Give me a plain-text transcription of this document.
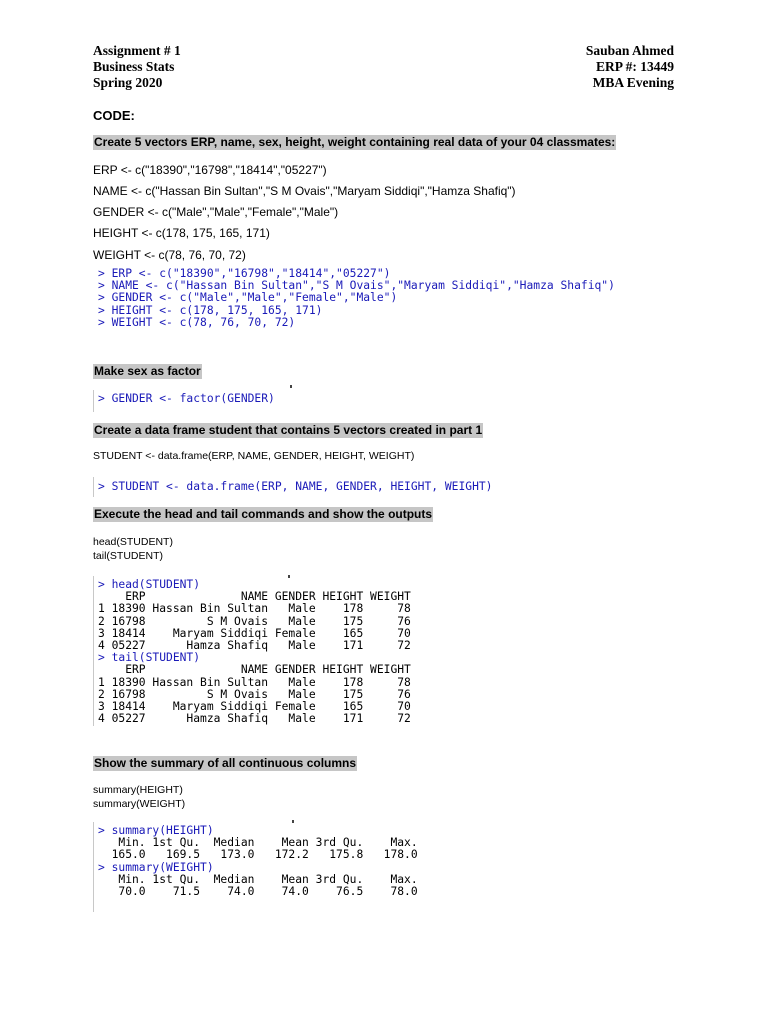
Assignment # 1
Business Stats
Spring 2020
Sauban Ahmed
ERP #: 13449
MBA Evening
CODE:
Create 5 vectors ERP, name, sex, height, weight containing real data of your 04 classmates:
ERP <- c("18390","16798","18414","05227")
NAME <- c("Hassan Bin Sultan","S M Ovais","Maryam Siddiqi","Hamza Shafiq")
GENDER <- c("Male","Male","Female","Male")
HEIGHT <- c(178, 175, 165, 171)
WEIGHT <- c(78, 76, 70, 72)
> ERP <- c("18390","16798","18414","05227")
> NAME <- c("Hassan Bin Sultan","S M Ovais","Maryam Siddiqi","Hamza Shafiq")
> GENDER <- c("Male","Male","Female","Male")
> HEIGHT <- c(178, 175, 165, 171)
> WEIGHT <- c(78, 76, 70, 72)
Make sex as factor
> GENDER <- factor(GENDER)
Create a data frame student that contains 5 vectors created in part 1
STUDENT <- data.frame(ERP, NAME, GENDER, HEIGHT, WEIGHT)
> STUDENT <- data.frame(ERP, NAME, GENDER, HEIGHT, WEIGHT)
Execute the head and tail commands and show the outputs
head(STUDENT)
tail(STUDENT)
> head(STUDENT)
ERP              NAME GENDER HEIGHT WEIGHT
1 18390 Hassan Bin Sultan   Male    178     78
2 16798         S M Ovais   Male    175     76
3 18414    Maryam Siddiqi Female    165     70
4 05227      Hamza Shafiq   Male    171     72
> tail(STUDENT)
ERP              NAME GENDER HEIGHT WEIGHT
1 18390 Hassan Bin Sultan   Male    178     78
2 16798         S M Ovais   Male    175     76
3 18414    Maryam Siddiqi Female    165     70
4 05227      Hamza Shafiq   Male    171     72
Show the summary of all continuous columns
summary(HEIGHT)
summary(WEIGHT)
> summary(HEIGHT)
Min. 1st Qu.  Median    Mean 3rd Qu.    Max.
165.0   169.5   173.0   172.2   175.8   178.0
> summary(WEIGHT)
Min. 1st Qu.  Median    Mean 3rd Qu.    Max.
70.0    71.5    74.0    74.0    76.5    78.0
